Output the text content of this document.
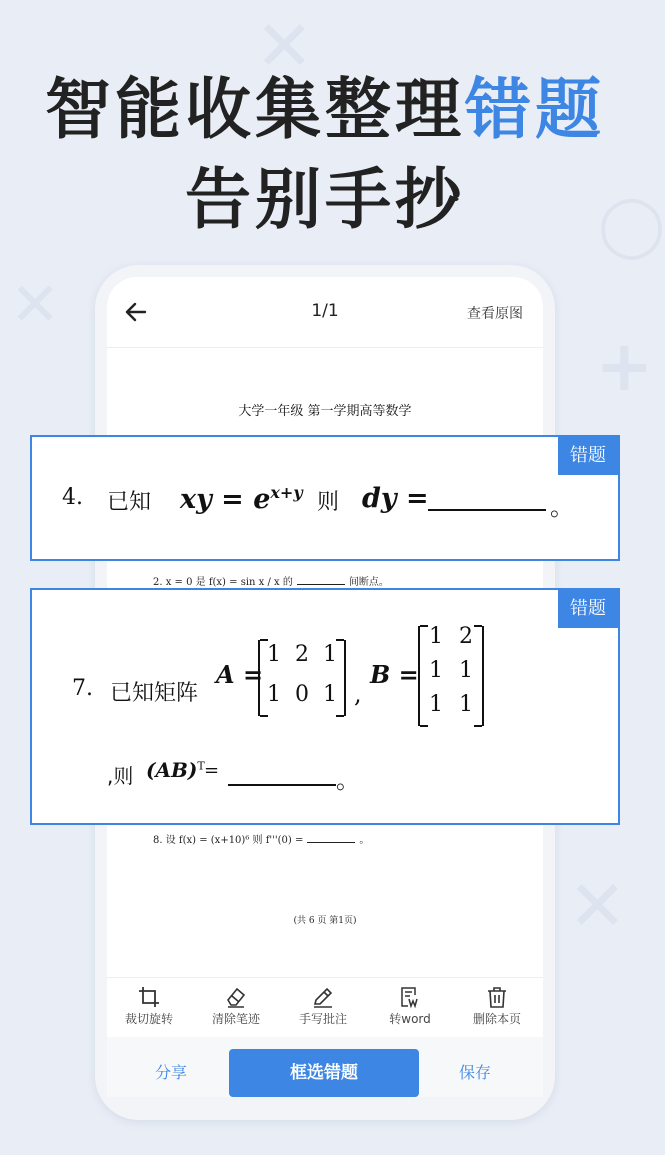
✕
◯
+
✕
✕
智能收集整理错题
告别手抄
1/1	查看原图
大学一年级 第一学期高等数学
2. x = 0 是 f(x) = sin x / x 的	间断点。
8. 设 f(x) = (x+10)⁶ 则 f'''(0) =	。
(共 6 页 第1页)
裁切旋转	清除笔迹	手写批注	转word	删除本页
分享	框选错题	保存
错题
4. 已知 xy = $e^{x+y}$ 则 dy =	。
错题
7. 已知矩阵
A =
1 2 1
1 0 1 ,
B =
1 2
1 1
1 1
,则 (AB)$^T$ =	。
